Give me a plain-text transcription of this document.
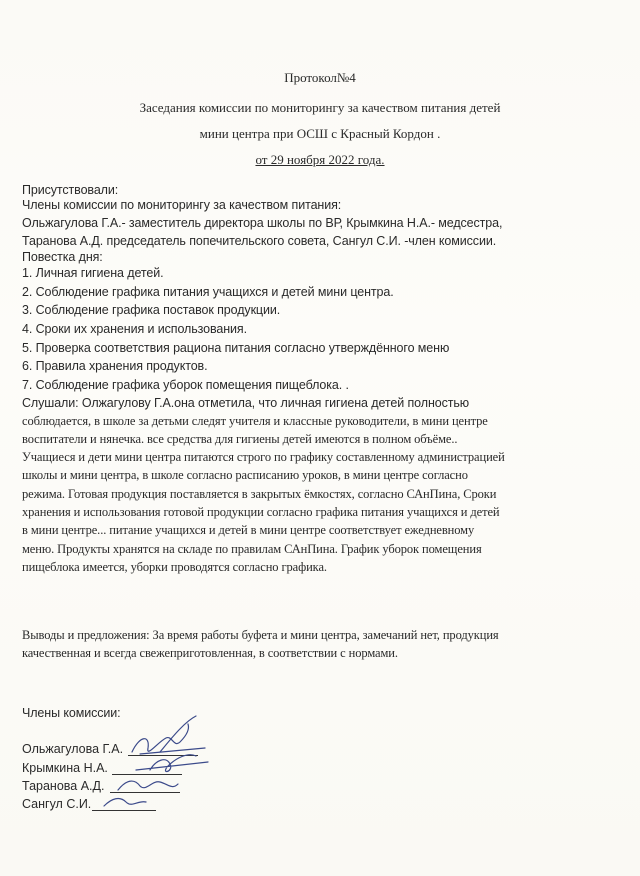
Протокол№4
Заседания комиссии по мониторингу за качеством питания детей
мини центра при ОСШ с Красный Кордон .
от 29 ноября 2022 года.
Присутствовали:
Члены комиссии по мониторингу за качеством питания:
Ольжагулова Г.А.- заместитель директора школы по ВР, Крымкина Н.А.- медсестра,
Таранова А.Д. председатель попечительского совета, Сангул С.И. -член комиссии.
Повестка дня:
1. Личная гигиена детей.
2. Соблюдение графика питания учащихся и детей мини центра.
3. Соблюдение графика поставок продукции.
4. Сроки их хранения и использования.
5. Проверка соответствия рациона питания согласно утверждённого меню
6. Правила хранения продуктов.
7. Соблюдение графика уборок помещения пищеблока. .
Слушали: Олжагулову Г.А.она отметила, что личная гигиена детей полностью
соблюдается, в школе за детьми следят учителя и классные руководители, в мини центре
воспитатели и нянечка. все средства для гигиены детей имеются в полном объёме..
Учащиеся и дети мини центра питаются строго по графику составленному администрацией
школы и мини центра, в школе согласно расписанию уроков, в мини центре согласно
режима. Готовая продукция поставляется в закрытых ёмкостях, согласно САнПина, Сроки
хранения и использования готовой продукции согласно графика питания учащихся и детей
в мини центре... питание учащихся и детей в мини центре соответствует ежедневному
меню. Продукты хранятся на складе по правилам САнПина. График уборок помещения
пищеблока имеется, уборки проводятся согласно графика.
Выводы и предложения: За время работы буфета и мини центра, замечаний нет, продукция
качественная и всегда свежеприготовленная, в соответствии с нормами.
Члены комиссии:
Ольжагулова Г.А.
Крымкина Н.А.
Таранова А.Д.
Сангул С.И.
